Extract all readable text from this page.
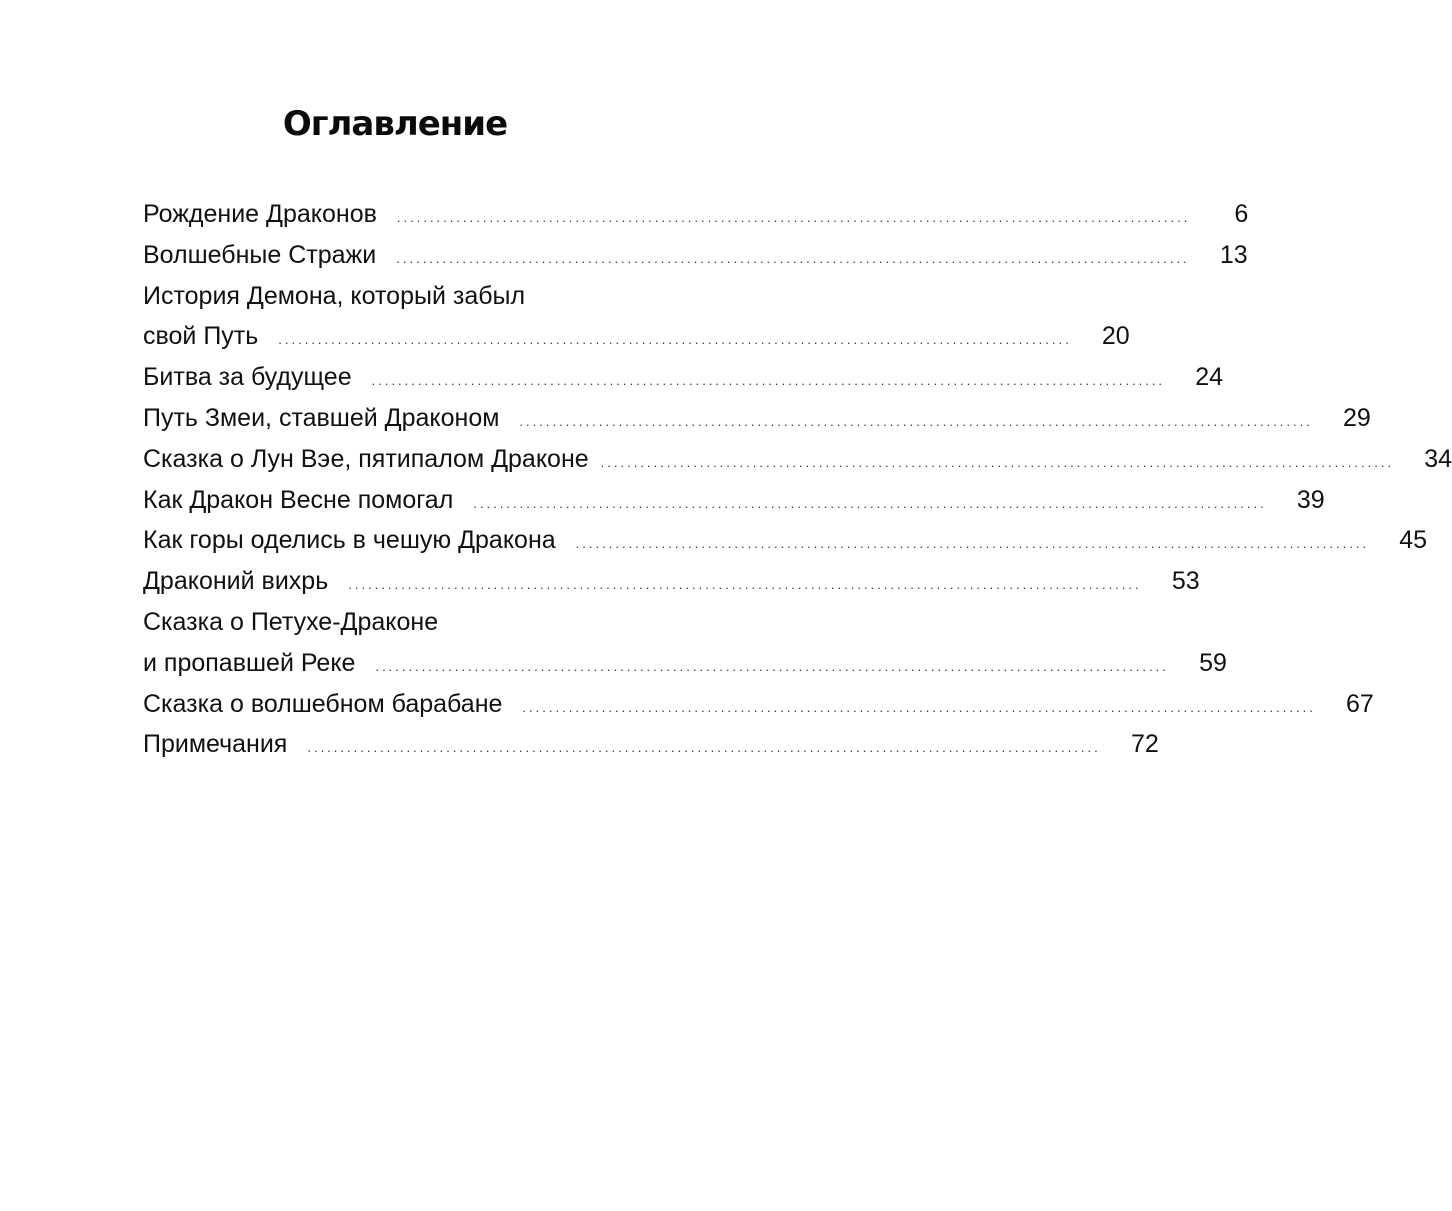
Оглавление
Рождение Драконов ........................................................................................................................	6
Волшебные Стражи ........................................................................................................................	13
История Демона, который забыл
свой Путь ........................................................................................................................	20
Битва за будущее ........................................................................................................................	24
Путь Змеи, ставшей Драконом ........................................................................................................................	29
Сказка о Лун Вэе, пятипалом Драконе ........................................................................................................................	34
Как Дракон Весне помогал ........................................................................................................................	39
Как горы оделись в чешую Дракона ........................................................................................................................	45
Драконий вихрь ........................................................................................................................	53
Сказка о Петухе-Драконе
и пропавшей Реке ........................................................................................................................	59
Сказка о волшебном барабане ........................................................................................................................	67
Примечания ........................................................................................................................	72
